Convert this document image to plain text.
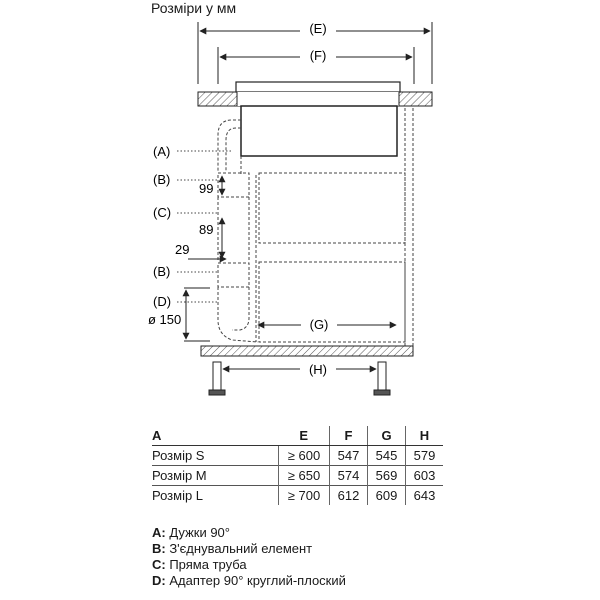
Розміри у мм
(E)
(F)
(A)
(B)
(C)
(B)
(D)
99
89
29
ø 150	(G)
(H)
A	E	F	G	H
Розмір S	≥ 600	547	545	579
Розмір M	≥ 650	574	569	603
Розмір L	≥ 700	612	609	643
A: Дужки 90°
B: З'єднувальний елемент
C: Пряма труба
D: Адаптер 90° круглий-плоский
